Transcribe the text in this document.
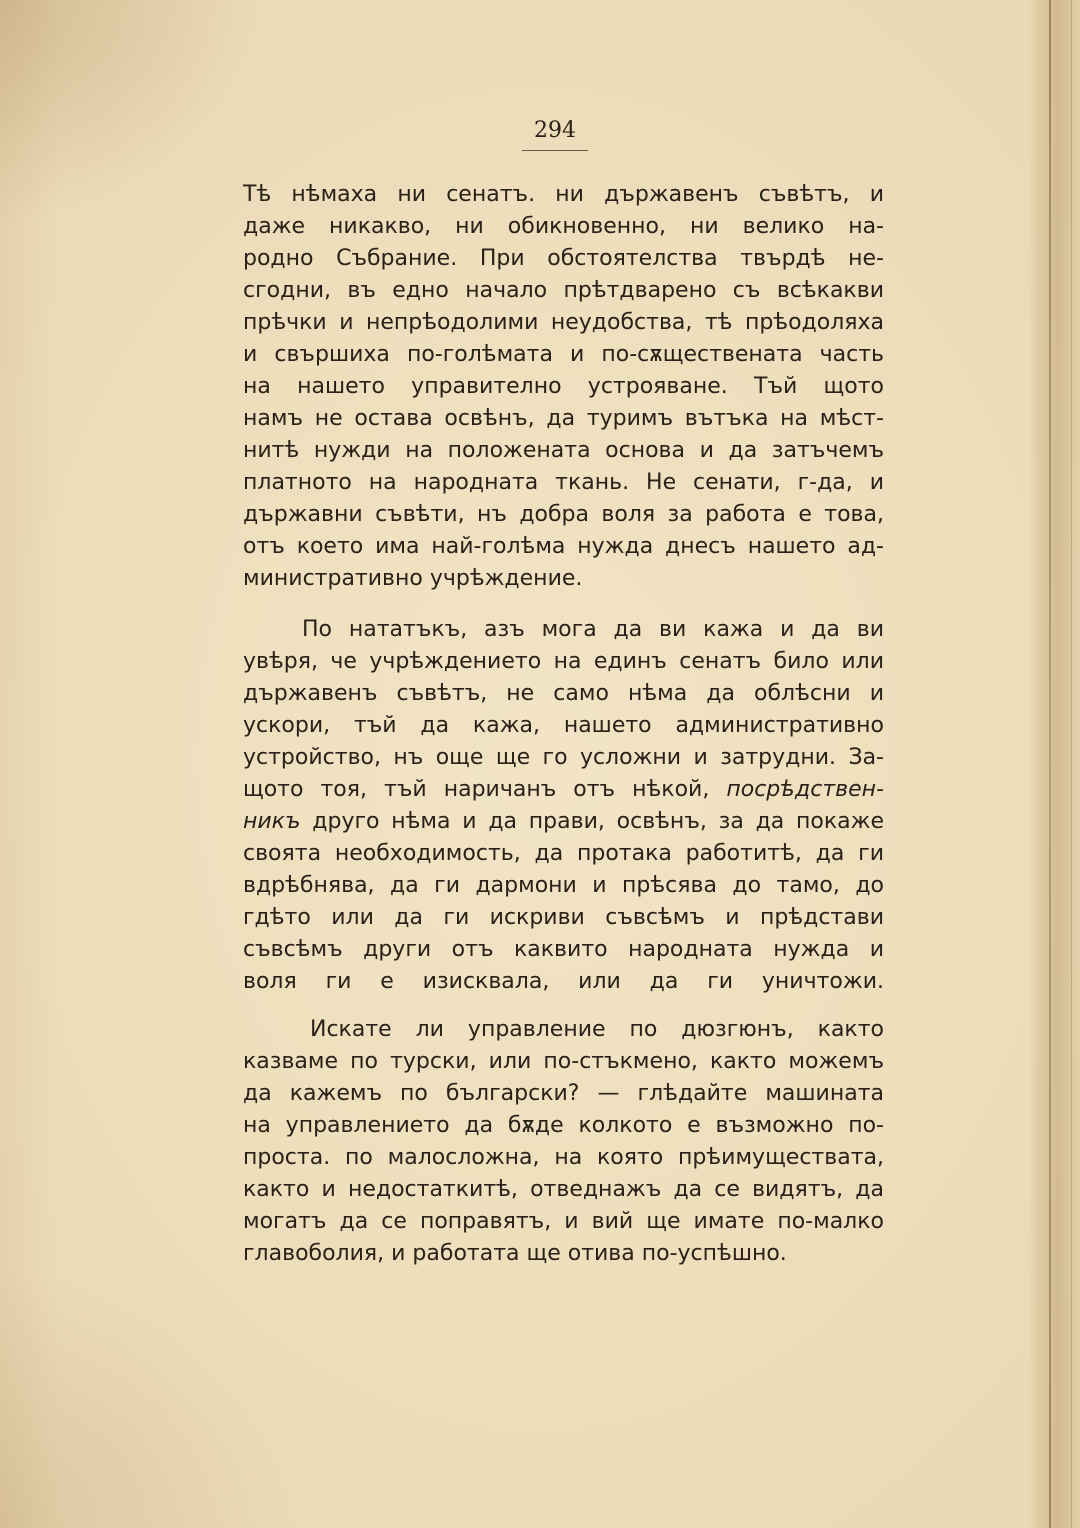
294
Тѣ нѣмаха ни сенатъ. ни държавенъ съвѣтъ, и
даже никакво, ни обикновенно, ни велико на-
родно Събрание. При обстоятелства твърдѣ не-
сгодни, въ едно начало прѣтдварено съ всѣкакви
прѣчки и непрѣодолими неудобства, тѣ прѣодоляха
и свършиха по-голѣмата и по-сѫществената часть
на нашето управително устрояване. Тъй щото
намъ не остава освѣнъ, да туримъ вътъка на мѣст-
нитѣ нужди на положената основа и да затъчемъ
платното на народната ткань. Не сенати, г-да, и
държавни съвѣти, нъ добра воля за работа е това,
отъ което има най-голѣма нужда днесъ нашето ад-
министративно учрѣждение.
По нататъкъ, азъ мога да ви кажа и да ви
увѣря, че учрѣждението на единъ сенатъ било или
държавенъ съвѣтъ, не само нѣма да облѣсни и
ускори, тъй да кажа, нашето административно
устройство, нъ още ще го усложни и затрудни. За-
щото тоя, тъй наричанъ отъ нѣкой, посрѣдствен-
никъ друго нѣма и да прави, освѣнъ, за да покаже
своята необходимость, да протака работитѣ, да ги
вдрѣбнява, да ги дармони и прѣсява до тамо, до
гдѣто или да ги искриви съвсѣмъ и прѣдстави
съвсѣмъ други отъ каквито народната нужда и
воля ги е изисквала, или да ги уничтожи.
Искате ли управление по дюзгюнъ, както
казваме по турски, или по-стъкмено, както можемъ
да кажемъ по български? — глѣдайте машината
на управлението да бѫде колкото е възможно по-
проста. по малосложна, на която прѣимуществата,
както и недостаткитѣ, отведнажъ да се видятъ, да
могатъ да се поправятъ, и вий ще имате по-малко
главоболия, и работата ще отива по-успѣшно.
